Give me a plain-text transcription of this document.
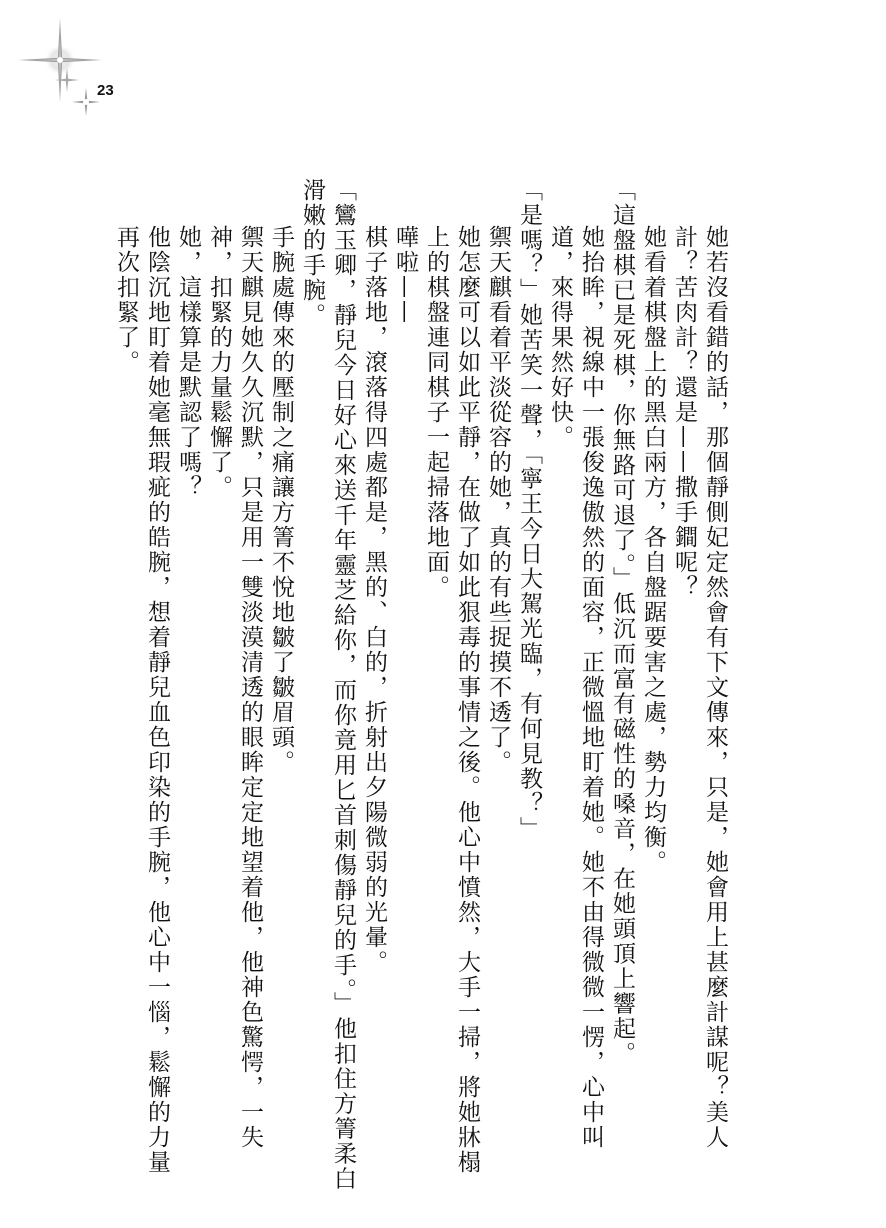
23

她若沒看錯的話，那個靜側妃定然會有下文傳來，只是，她會用上甚麼計謀呢？美人計？苦肉計？還是——撒手鐧呢？

她看着棋盤上的黑白兩方，各自盤踞要害之處，勢力均衡。

「這盤棋已是死棋，你無路可退了。」低沉而富有磁性的嗓音，在她頭頂上響起。

她抬眸，視線中一張俊逸傲然的面容，正微慍地盯着她。她不由得微微一愣，心中叫道，來得果然好快。

「是嗎？」她苦笑一聲，「寧王今日大駕光臨，有何見教？」

禦天麒看着平淡從容的她，真的有些捉摸不透了。

她怎麼可以如此平靜，在做了如此狠毒的事情之後。他心中憤然，大手一掃，將她牀榻上的棋盤連同棋子一起掃落地面。

嘩啦——

棋子落地，滾落得四處都是，黑的、白的，折射出夕陽微弱的光暈。

「鸞玉卿，靜兒今日好心來送千年靈芝給你，而你竟用匕首刺傷靜兒的手。」他扣住方箐柔白滑嫩的手腕。

手腕處傳來的壓制之痛讓方箐不悅地皺了皺眉頭。

禦天麒見她久久沉默，只是用一雙淡漠清透的眼眸定定地望着他，他神色驚愕，一失神，扣緊的力量鬆懈了。

她，這樣算是默認了嗎？

他陰沉地盯着她毫無瑕疵的皓腕，想着靜兒血色印染的手腕，他心中一惱，鬆懈的力量再次扣緊了。
